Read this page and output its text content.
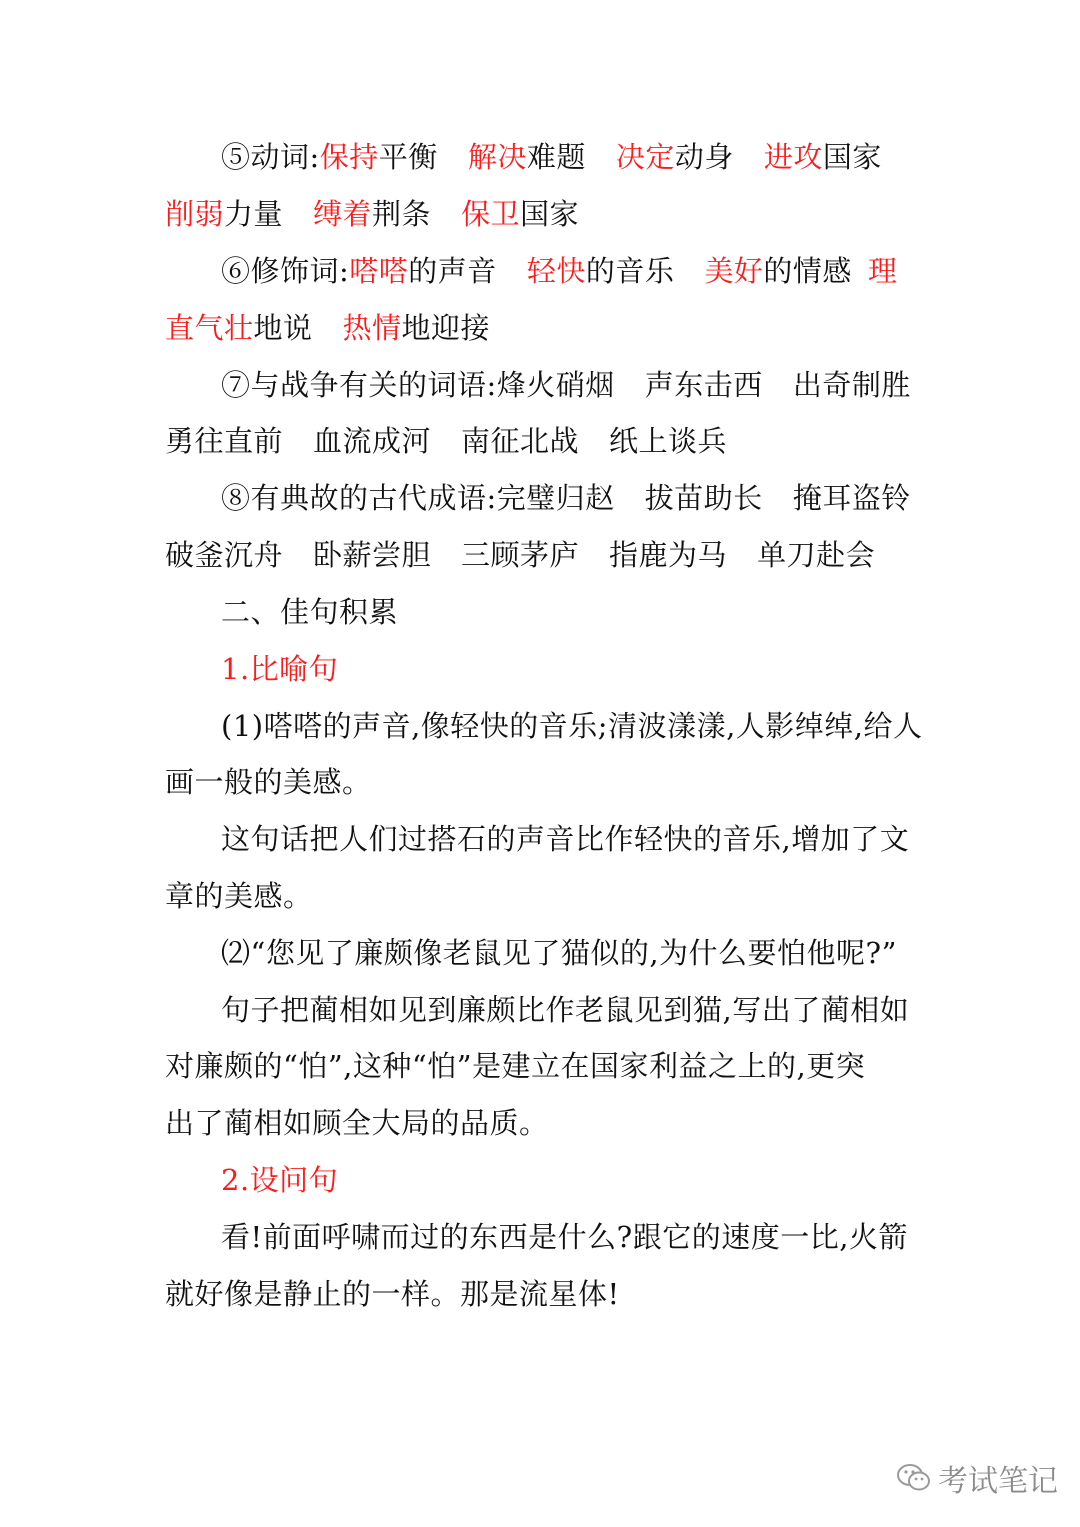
⑤动词:保持平衡 解决难题 决定动身 进攻国家
削弱力量 缚着荆条 保卫国家
⑥修饰词:嗒嗒的声音 轻快的音乐 美好的情感 理
直气壮地说 热情地迎接
⑦与战争有关的词语:烽火硝烟 声东击西 出奇制胜
勇往直前 血流成河 南征北战 纸上谈兵
⑧有典故的古代成语:完璧归赵 拔苗助长 掩耳盗铃
破釜沉舟 卧薪尝胆 三顾茅庐 指鹿为马 单刀赴会
二、佳句积累
1.比喻句
(1)嗒嗒的声音,像轻快的音乐;清波漾漾,人影绰绰,给人
画一般的美感。
这句话把人们过搭石的声音比作轻快的音乐,增加了文
章的美感。
⑵“您见了廉颇像老鼠见了猫似的,为什么要怕他呢?”
句子把蔺相如见到廉颇比作老鼠见到猫,写出了蔺相如
对廉颇的“怕”,这种“怕”是建立在国家利益之上的,更突
出了蔺相如顾全大局的品质。
2.设问句
看!前面呼啸而过的东西是什么?跟它的速度一比,火箭
就好像是静止的一样。那是流星体!
考试笔记
